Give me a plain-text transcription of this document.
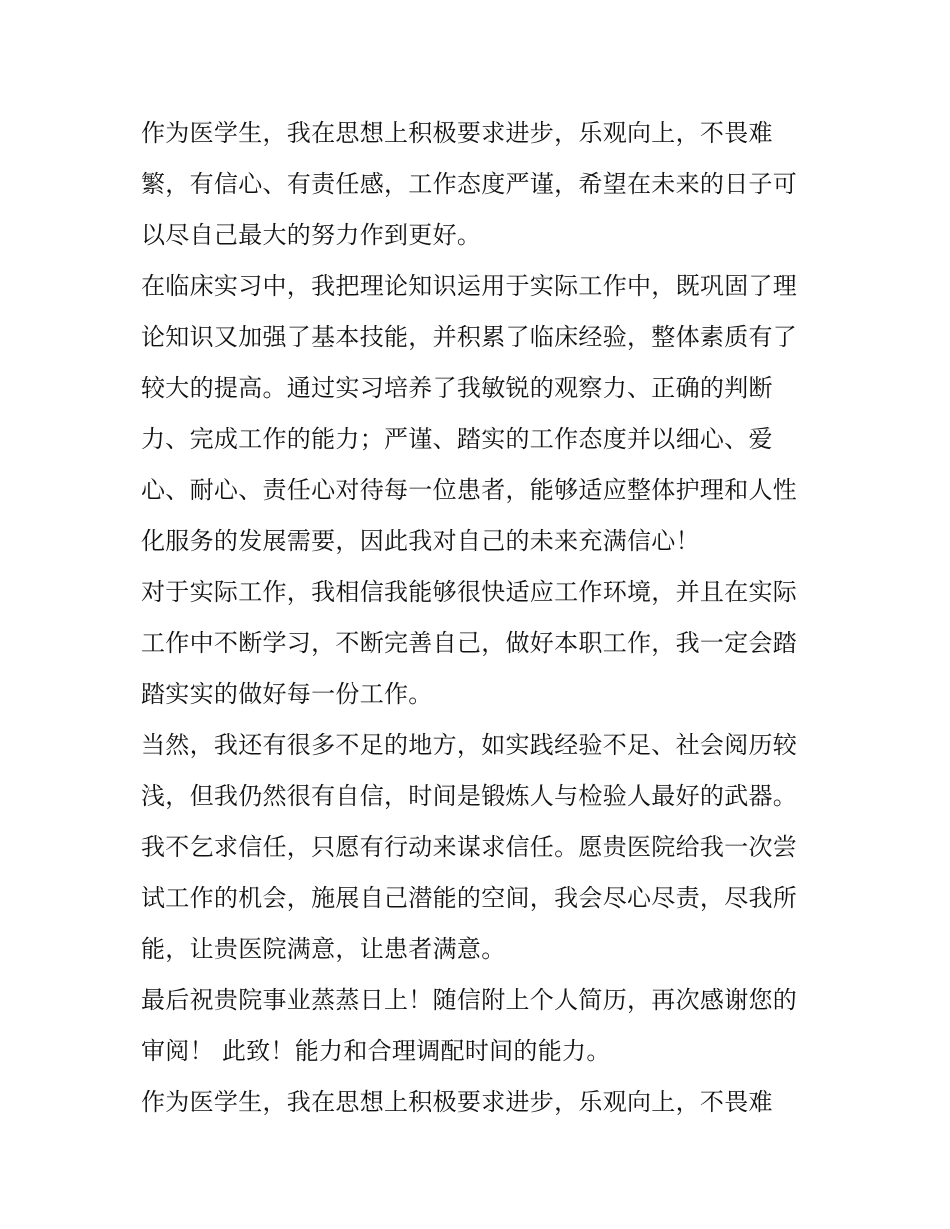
作为医学生，我在思想上积极要求进步，乐观向上，不畏难
繁，有信心、有责任感，工作态度严谨，希望在未来的日子可
以尽自己最大的努力作到更好。

在临床实习中，我把理论知识运用于实际工作中，既巩固了理
论知识又加强了基本技能，并积累了临床经验，整体素质有了
较大的提高。通过实习培养了我敏锐的观察力、正确的判断
力、完成工作的能力；严谨、踏实的工作态度并以细心、爱
心、耐心、责任心对待每一位患者，能够适应整体护理和人性
化服务的发展需要，因此我对自己的未来充满信心！

对于实际工作，我相信我能够很快适应工作环境，并且在实际
工作中不断学习，不断完善自己，做好本职工作，我一定会踏
踏实实的做好每一份工作。

当然，我还有很多不足的地方，如实践经验不足、社会阅历较
浅，但我仍然很有自信，时间是锻炼人与检验人最好的武器。
我不乞求信任，只愿有行动来谋求信任。愿贵医院给我一次尝
试工作的机会，施展自己潜能的空间，我会尽心尽责，尽我所
能，让贵医院满意，让患者满意。

最后祝贵院事业蒸蒸日上！随信附上个人简历，再次感谢您的
审阅！ 此致！能力和合理调配时间的能力。

作为医学生，我在思想上积极要求进步，乐观向上，不畏难
